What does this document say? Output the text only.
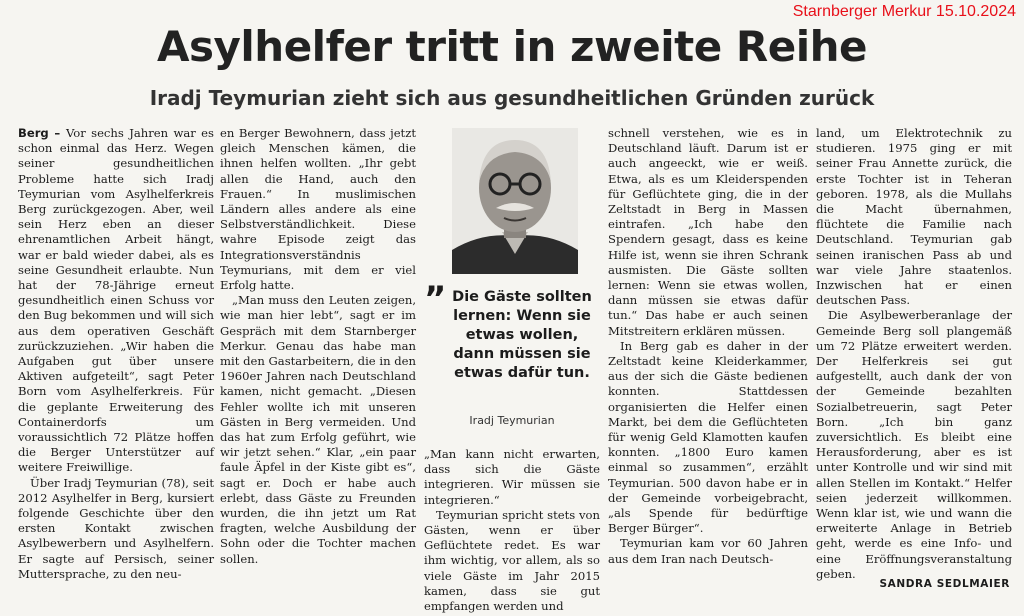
Starnberger Merkur 15.10.2024
Asylhelfer tritt in zweite Reihe
Iradj Teymurian zieht sich aus gesundheitlichen Gründen zurück

Berg – Vor sechs Jahren war es schon einmal das Herz. Wegen seiner gesundheitlichen Probleme hatte sich Iradj Teymurian vom Asylhelferkreis Berg zurückgezogen. Aber, weil sein Herz eben an dieser ehrenamtlichen Arbeit hängt, war er bald wieder dabei, als es seine Gesundheit erlaubte. Nun hat der 78-Jährige erneut gesundheitlich einen Schuss vor den Bug bekommen und will sich aus dem operativen Geschäft zurückzuziehen. „Wir haben die Aufgaben gut über unsere Aktiven aufgeteilt“, sagt Peter Born vom Asylhelferkreis. Für die geplante Erweiterung des Containerdorfs um voraussichtlich 72 Plätze hoffen die Berger Unterstützer auf weitere Freiwillige.

Über Iradj Teymurian (78), seit 2012 Asylhelfer in Berg, kursiert folgende Geschichte über den ersten Kontakt zwischen Asylbewerbern und Asylhelfern. Er sagte auf Persisch, seiner Muttersprache, zu den neu-

en Berger Bewohnern, dass jetzt gleich Menschen kämen, die ihnen helfen wollten. „Ihr gebt allen die Hand, auch den Frauen.“ In muslimischen Ländern alles andere als eine Selbstverständlichkeit. Diese wahre Episode zeigt das Integrationsverständnis Teymurians, mit dem er viel Erfolg hatte.

„Man muss den Leuten zeigen, wie man hier lebt“, sagt er im Gespräch mit dem Starnberger Merkur. Genau das habe man mit den Gastarbeitern, die in den 1960er Jahren nach Deutschland kamen, nicht gemacht. „Diesen Fehler wollte ich mit unseren Gästen in Berg vermeiden. Und das hat zum Erfolg geführt, wie wir jetzt sehen.“ Klar, „ein paar faule Äpfel in der Kiste gibt es“, sagt er. Doch er habe auch erlebt, dass Gäste zu Freunden wurden, die ihn jetzt um Rat fragten, welche Ausbildung der Sohn oder die Tochter machen sollen.

” Die Gäste sollten lernen: Wenn sie etwas wollen, dann müssen sie etwas dafür tun.
Iradj Teymurian

„Man kann nicht erwarten, dass sich die Gäste integrieren. Wir müssen sie integrieren.“

Teymurian spricht stets von Gästen, wenn er über Geflüchtete redet. Es war ihm wichtig, vor allem, als so viele Gäste im Jahr 2015 kamen, dass sie gut empfangen werden und

schnell verstehen, wie es in Deutschland läuft. Darum ist er auch angeeckt, wie er weiß. Etwa, als es um Kleiderspenden für Geflüchtete ging, die in der Zeltstadt in Berg in Massen eintrafen. „Ich habe den Spendern gesagt, dass es keine Hilfe ist, wenn sie ihren Schrank ausmisten. Die Gäste sollten lernen: Wenn sie etwas wollen, dann müssen sie etwas dafür tun.“ Das habe er auch seinen Mitstreitern erklären müssen.

In Berg gab es daher in der Zeltstadt keine Kleiderkammer, aus der sich die Gäste bedienen konnten. Stattdessen organisierten die Helfer einen Markt, bei dem die Geflüchteten für wenig Geld Klamotten kaufen konnten. „1800 Euro kamen einmal so zusammen“, erzählt Teymurian. 500 davon habe er in der Gemeinde vorbeigebracht, „als Spende für bedürftige Berger Bürger“.

Teymurian kam vor 60 Jahren aus dem Iran nach Deutsch-

land, um Elektrotechnik zu studieren. 1975 ging er mit seiner Frau Annette zurück, die erste Tochter ist in Teheran geboren. 1978, als die Mullahs die Macht übernahmen, flüchtete die Familie nach Deutschland. Teymurian gab seinen iranischen Pass ab und war viele Jahre staatenlos. Inzwischen hat er einen deutschen Pass.

Die Asylbewerberanlage der Gemeinde Berg soll plangemäß um 72 Plätze erweitert werden. Der Helferkreis sei gut aufgestellt, auch dank der von der Gemeinde bezahlten Sozialbetreuerin, sagt Peter Born. „Ich bin ganz zuversichtlich. Es bleibt eine Herausforderung, aber es ist unter Kontrolle und wir sind mit allen Stellen im Kontakt.“ Helfer seien jederzeit willkommen. Wenn klar ist, wie und wann die erweiterte Anlage in Betrieb geht, werde es eine Info- und eine Eröffnungsveranstaltung geben.

SANDRA SEDLMAIER
